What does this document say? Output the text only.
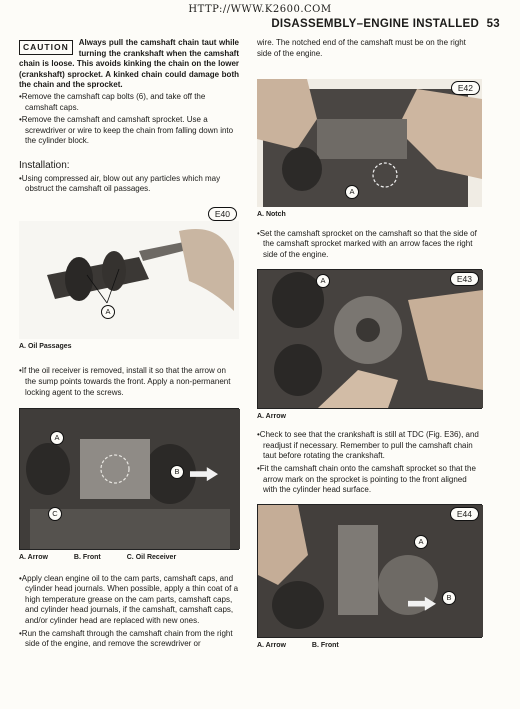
HTTP://WWW.K2600.COM
DISASSEMBLY–ENGINE INSTALLED 53
CAUTION	Always pull the camshaft chain taut while turning the crankshaft when the camshaft chain is loose. This avoids kinking the chain on the lower (crankshaft) sprocket. A kinked chain could damage both the chain and the sprocket.

•Remove the camshaft cap bolts (6), and take off the camshaft caps.

•Remove the camshaft and camshaft sprocket. Use a screwdriver or wire to keep the chain from falling down into the cylinder block.

Installation:

•Using compressed air, blow out any particles which may obstruct the camshaft oil passages.

E40
A
A. Oil Passages

•If the oil receiver is removed, install it so that the arrow on the sump points towards the front. Apply a non-permanent locking agent to the screws.

A
B
C
A. Arrow	B. Front	C. Oil Receiver

•Apply clean engine oil to the cam parts, camshaft caps, and cylinder head journals. When possible, apply a thin coat of a high temperature grease on the cam parts, camshaft caps, and cylinder head journals, if the camshaft, camshaft caps, and/or cylinder head are replaced with new ones.

•Run the camshaft through the camshaft chain from the right side of the engine, and remove the screwdriver or

wire. The notched end of the camshaft must be on the right side of the engine.

E42
A
A. Notch

•Set the camshaft sprocket on the camshaft so that the side of the camshaft sprocket marked with an arrow faces the right side of the engine.

E43
A
A. Arrow

•Check to see that the crankshaft is still at TDC (Fig. E36), and readjust if necessary. Remember to pull the camshaft chain taut before rotating the crankshaft.

•Fit the camshaft chain onto the camshaft sprocket so that the arrow mark on the sprocket is pointing to the front aligned with the cylinder head surface.

E44
A
B
A. Arrow	B. Front
